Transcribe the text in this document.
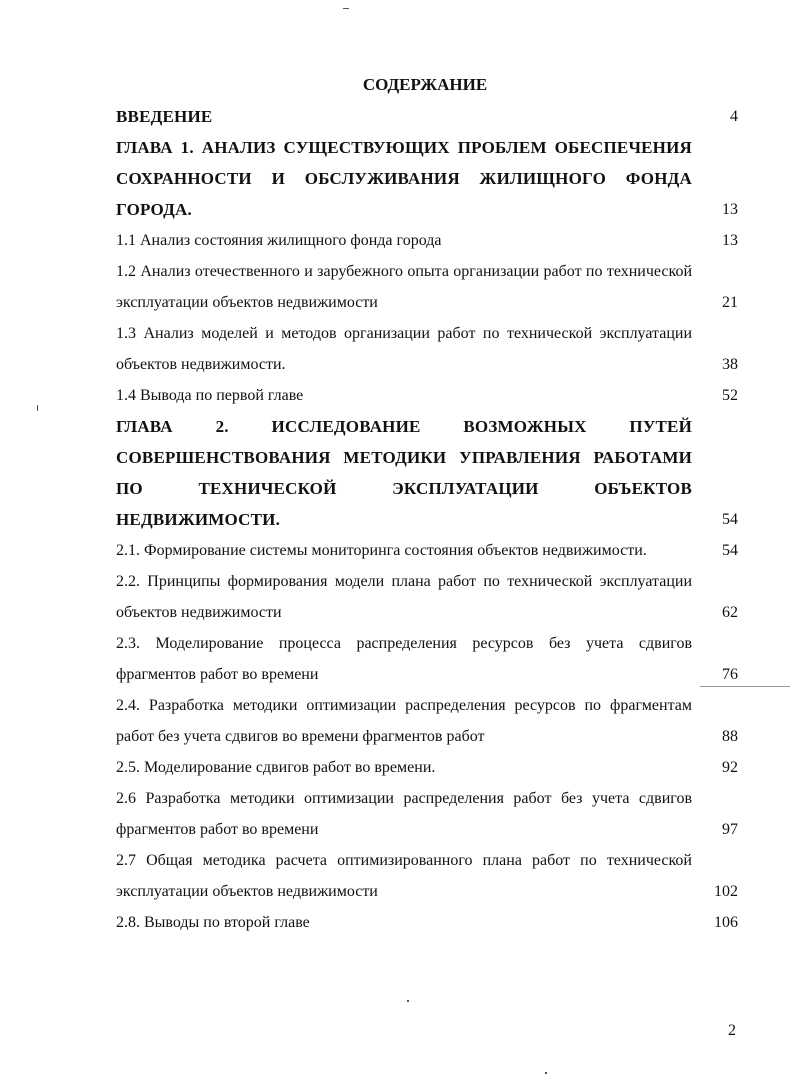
СОДЕРЖАНИЕ
ВВЕДЕНИЕ	4
ГЛАВА 1. АНАЛИЗ СУЩЕСТВУЮЩИХ ПРОБЛЕМ ОБЕСПЕЧЕНИЯ СОХРАННОСТИ И ОБСЛУЖИВАНИЯ ЖИЛИЩНОГО ФОНДА ГОРОДА.	13
1.1 Анализ состояния жилищного фонда города	13
1.2 Анализ отечественного и зарубежного опыта организации работ по технической эксплуатации объектов недвижимости	21
1.3 Анализ моделей и методов организации работ по технической эксплуатации объектов недвижимости.	38
1.4 Вывода по первой главе	52
ГЛАВА 2. ИССЛЕДОВАНИЕ ВОЗМОЖНЫХ ПУТЕЙ СОВЕРШЕНСТВОВАНИЯ МЕТОДИКИ УПРАВЛЕНИЯ РАБОТАМИ ПО ТЕХНИЧЕСКОЙ ЭКСПЛУАТАЦИИ ОБЪЕКТОВ НЕДВИЖИМОСТИ.	54
2.1. Формирование системы мониторинга состояния объектов недвижимости.	54
2.2. Принципы формирования модели плана работ по технической эксплуатации объектов недвижимости	62
2.3. Моделирование процесса распределения ресурсов без учета сдвигов фрагментов работ во времени	76
2.4. Разработка методики оптимизации распределения ресурсов по фрагментам работ без учета сдвигов во времени фрагментов работ	88
2.5. Моделирование сдвигов работ во времени.	92
2.6 Разработка методики оптимизации распределения работ без учета сдвигов фрагментов работ во времени	97
2.7 Общая методика расчета оптимизированного плана работ по технической эксплуатации объектов недвижимости	102
2.8. Выводы по второй главе	106
2
